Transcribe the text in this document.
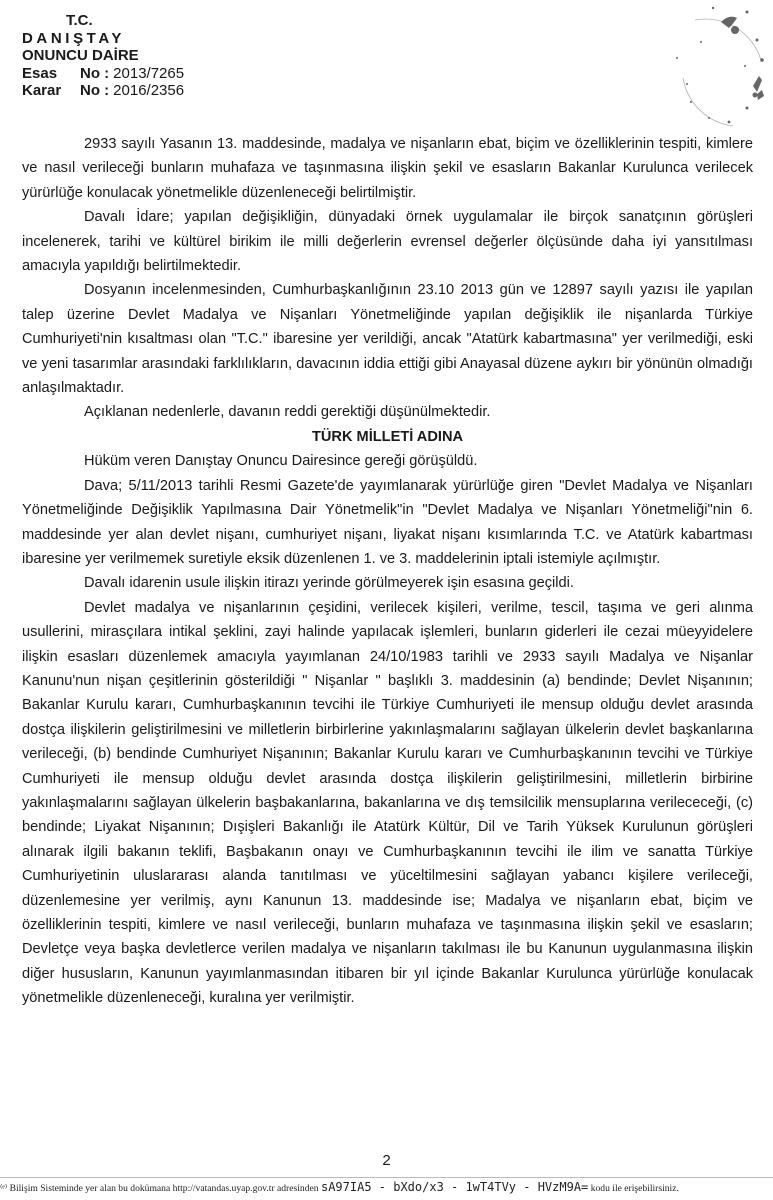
T.C.
DANIŞTAY
ONUNCU DAİRE
Esas	No : 2013/7265
Karar	No : 2016/2356

2933 sayılı Yasanın 13. maddesinde, madalya ve nişanların ebat, biçim ve özelliklerinin tespiti, kimlere ve nasıl verileceği bunların muhafaza ve taşınmasına ilişkin şekil ve esasların Bakanlar Kurulunca verilecek yürürlüğe konulacak yönetmelikle düzenleneceği belirtilmiştir.

Davalı İdare; yapılan değişikliğin, dünyadaki örnek uygulamalar ile birçok sanatçının görüşleri incelenerek, tarihi ve kültürel birikim ile milli değerlerin evrensel değerler ölçüsünde daha iyi yansıtılması amacıyla yapıldığı belirtilmektedir.

Dosyanın incelenmesinden, Cumhurbaşkanlığının 23.10 2013 gün ve 12897 sayılı yazısı ile yapılan talep üzerine Devlet Madalya ve Nişanları Yönetmeliğinde yapılan değişiklik ile nişanlarda Türkiye Cumhuriyeti'nin kısaltması olan "T.C." ibaresine yer verildiği, ancak "Atatürk kabartmasına" yer verilmediği, eski ve yeni tasarımlar arasındaki farklılıkların, davacının iddia ettiği gibi Anayasal düzene aykırı bir yönünün olmadığı anlaşılmaktadır.

Açıklanan nedenlerle, davanın reddi gerektiği düşünülmektedir.

TÜRK MİLLETİ ADINA

Hüküm veren Danıştay Onuncu Dairesince gereği görüşüldü.

Dava; 5/11/2013 tarihli Resmi Gazete'de yayımlanarak yürürlüğe giren "Devlet Madalya ve Nişanları Yönetmeliğinde Değişiklik Yapılmasına Dair Yönetmelik"in "Devlet Madalya ve Nişanları Yönetmeliği"nin 6. maddesinde yer alan devlet nişanı, cumhuriyet nişanı, liyakat nişanı kısımlarında T.C. ve Atatürk kabartması ibaresine yer verilmemek suretiyle eksik düzenlenen 1. ve 3. maddelerinin iptali istemiyle açılmıştır.

Davalı idarenin usule ilişkin itirazı yerinde görülmeyerek işin esasına geçildi.

Devlet madalya ve nişanlarının çeşidini, verilecek kişileri, verilme, tescil, taşıma ve geri alınma usullerini, mirasçılara intikal şeklini, zayi halinde yapılacak işlemleri, bunların giderleri ile cezai müeyyidelere ilişkin esasları düzenlemek amacıyla yayımlanan 24/10/1983 tarihli ve 2933 sayılı Madalya ve Nişanlar Kanunu'nun nişan çeşitlerinin gösterildiği " Nişanlar " başlıklı 3. maddesinin (a) bendinde; Devlet Nişanının; Bakanlar Kurulu kararı, Cumhurbaşkanının tevcihi ile Türkiye Cumhuriyeti ile mensup olduğu devlet arasında dostça ilişkilerin geliştirilmesini ve milletlerin birbirlerine yakınlaşmalarını sağlayan ülkelerin devlet başkanlarına verileceği, (b) bendinde Cumhuriyet Nişanının; Bakanlar Kurulu kararı ve Cumhurbaşkanının tevcihi ve Türkiye Cumhuriyeti ile mensup olduğu devlet arasında dostça ilişkilerin geliştirilmesini, milletlerin birbirine yakınlaşmalarını sağlayan ülkelerin başbakanlarına, bakanlarına ve dış temsilcilik mensuplarına verilececeği, (c) bendinde; Liyakat Nişanının; Dışişleri Bakanlığı ile Atatürk Kültür, Dil ve Tarih Yüksek Kurulunun görüşleri alınarak ilgili bakanın teklifi, Başbakanın onayı ve Cumhurbaşkanının tevcihi ile ilim ve sanatta Türkiye Cumhuriyetinin uluslararası alanda tanıtılması ve yüceltilmesini sağlayan yabancı kişilere verileceği, düzenlemesine yer verilmiş, aynı Kanunun 13. maddesinde ise; Madalya ve nişanların ebat, biçim ve özelliklerinin tespiti, kimlere ve nasıl verileceği, bunların muhafaza ve taşınmasına ilişkin şekil ve esasların; Devletçe veya başka devletlerce verilen madalya ve nişanların takılması ile bu Kanunun uygulanmasına ilişkin diğer hususların, Kanunun yayımlanmasından itibaren bir yıl içinde Bakanlar Kurulunca yürürlüğe konulacak yönetmelikle düzenleneceği, kuralına yer verilmiştir.

2
⁽ᵉ⁾ Bilişim Sisteminde yer alan bu dokümana http://vatandas.uyap.gov.tr adresinden sA97IA5 - bXdo/x3 - 1wT4TVy - HVzM9A= kodu ile erişebilirsiniz.
